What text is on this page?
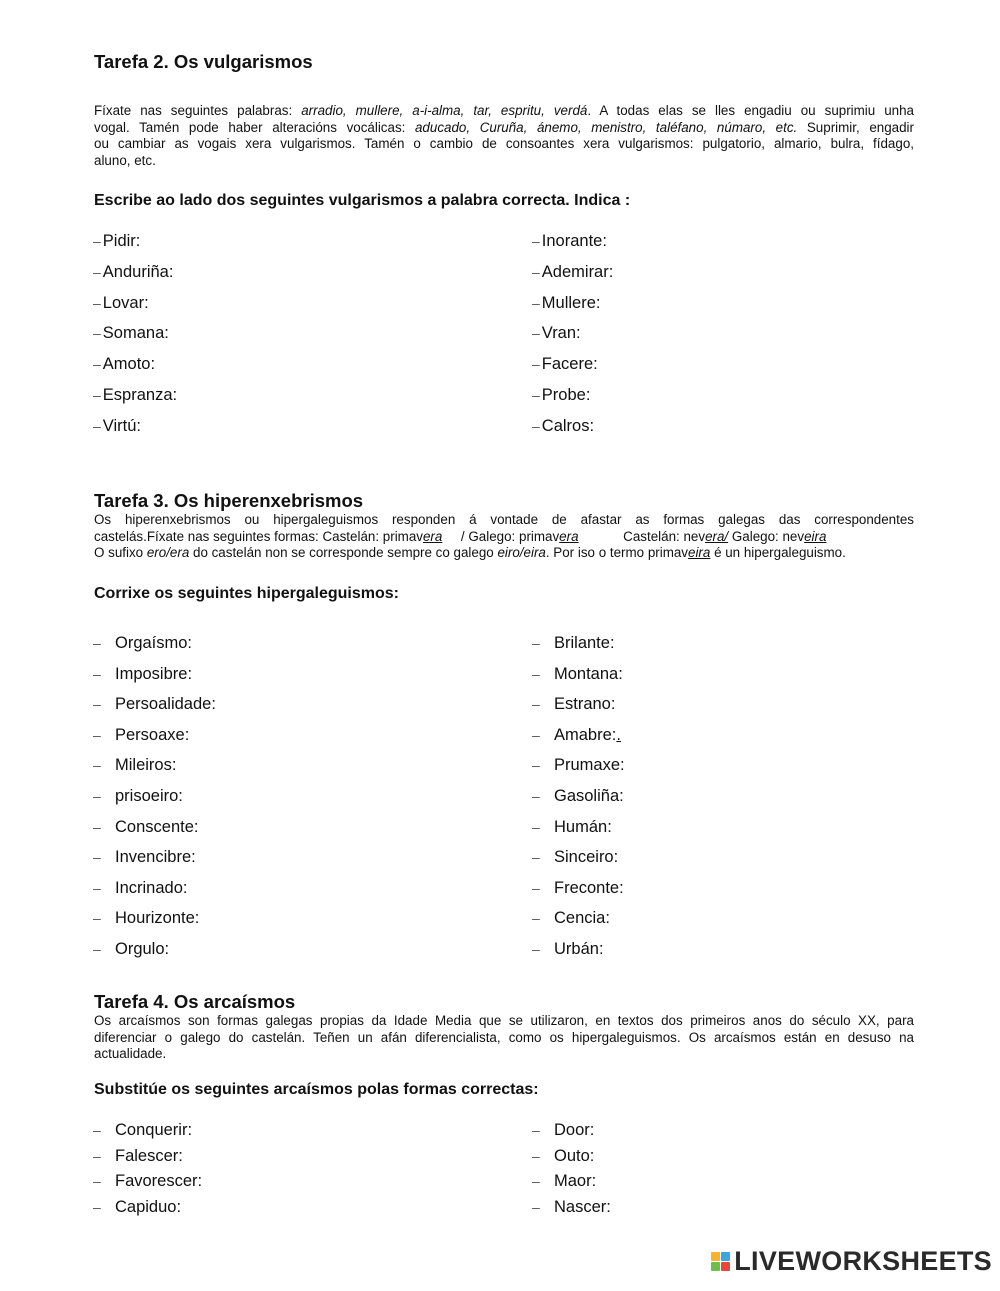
Tarefa 2. Os vulgarismos
Fíxate nas seguintes palabras: arradio, mullere, a-i-alma, tar, espritu, verdá. A todas elas se lles engadiu ou suprimiu unha
vogal. Tamén pode haber alteracións vocálicas: aducado, Curuña, ánemo, menistro, taléfano, númaro, etc. Suprimir, engadir
ou cambiar as vogais xera vulgarismos. Tamén o cambio de consoantes xera vulgarismos: pulgatorio, almario, bulra, fídago,
aluno, etc.
Escribe ao lado dos seguintes vulgarismos a palabra correcta. Indica :
– Pidir:
– Anduriña:
– Lovar:
– Somana:
– Amoto:
– Espranza:
– Virtú:
– Inorante:
– Ademirar:
– Mullere:
– Vran:
– Facere:
– Probe:
– Calros:
Tarefa 3. Os hiperenxebrismos
Os hiperenxebrismos ou hipergaleguismos responden á vontade de afastar as formas galegas das correspondentes
castelás.Fíxate nas seguintes formas: Castelán: primavera     / Galego: primavera            Castelán: nevera/ Galego: neveira
O sufixo ero/era do castelán non se corresponde sempre co galego eiro/eira. Por iso o termo primaveira é un hipergaleguismo.
Corrixe os seguintes hipergaleguismos:
– Orgaísmo:
– Imposibre:
– Persoalidade:
– Persoaxe:
– Mileiros:
– prisoeiro:
– Conscente:
– Invencibre:
– Incrinado:
– Hourizonte:
– Orgulo:
– Brilante:
– Montana:
– Estrano:
– Amabre:.
– Prumaxe:
– Gasoliña:
– Humán:
– Sinceiro:
– Freconte:
– Cencia:
– Urbán:
Tarefa 4. Os arcaísmos
Os arcaísmos son formas galegas propias da Idade Media que se utilizaron, en textos dos primeiros anos do século XX, para
diferenciar o galego do castelán. Teñen un afán diferencialista, como os hipergaleguismos. Os arcaísmos están en desuso na
actualidade.
Substitúe os seguintes arcaísmos polas formas correctas:
– Conquerir:
– Falescer:
– Favorescer:
– Capiduo:
– Door:
– Outo:
– Maor:
– Nascer:
LIVEWORKSHEETS
